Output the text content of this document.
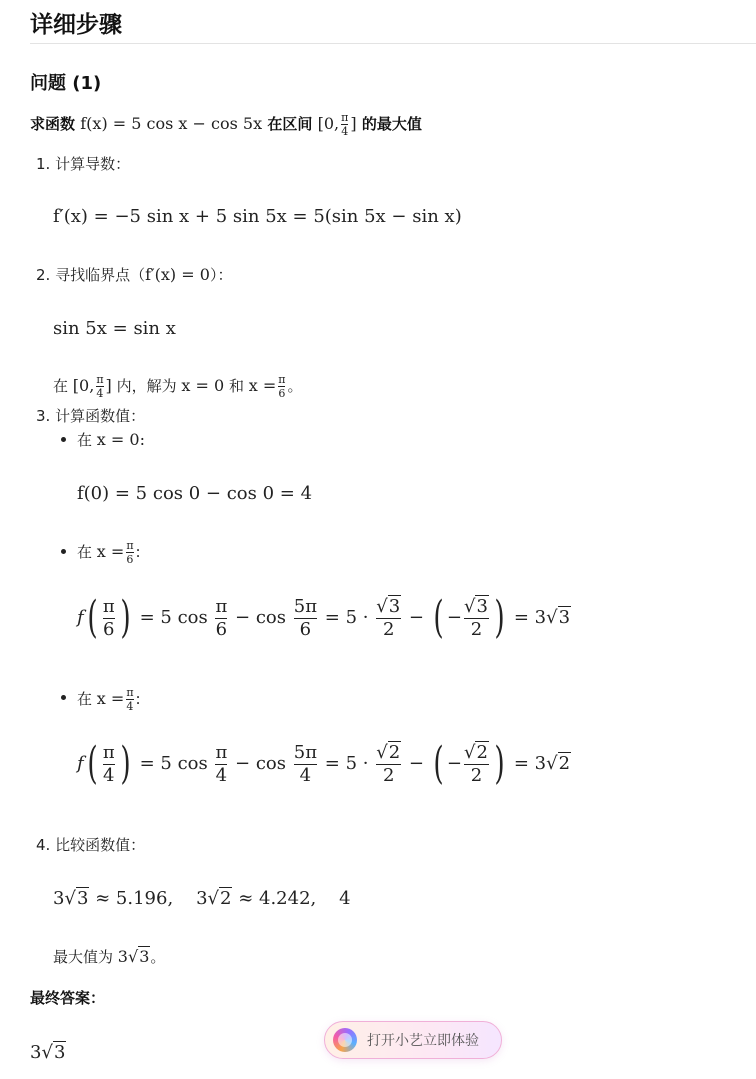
详细步骤
问题 (1)
求函数 f(x) = 5 cos x − cos 5x 在区间 [0, $\frac{\pi}{4}$ ] 的最大值
1. 计算导数：
f′(x) = −5 sin x + 5 sin 5x = 5(sin 5x − sin x)
2. 寻找临界点（f′(x) = 0）：
sin 5x = sin x
在 [0, $\frac{\pi}{4}$ ] 内，解为 x = 0 和 $x = \frac{\pi}{6}$ 。
3. 计算函数值：
在 x = 0:
f(0) = 5 cos 0 − cos 0 = 4
在 $x = \frac{\pi}{6}$ :
$f( \frac{\pi}{6}$ ) = 5 $\cos \frac{\pi}{6} - \cos \frac{5\pi}{6} = 5 \cdot \frac{√3}{2}$ − ( − $\frac{√3}{2}$ ) = 3√3
在 $x = \frac{\pi}{4}$ :
$f( \frac{\pi}{4}$ ) = 5 $\cos \frac{\pi}{4} - \cos \frac{5\pi}{4} = 5 \cdot \frac{√2}{2}$ − ( − $\frac{√2}{2}$ ) = 3√2
4. 比较函数值：
3√3 ≈ 5.196, 3√2 ≈ 4.242, 4
最大值为 3√3。
最终答案：
3√3
打开小艺立即体验
